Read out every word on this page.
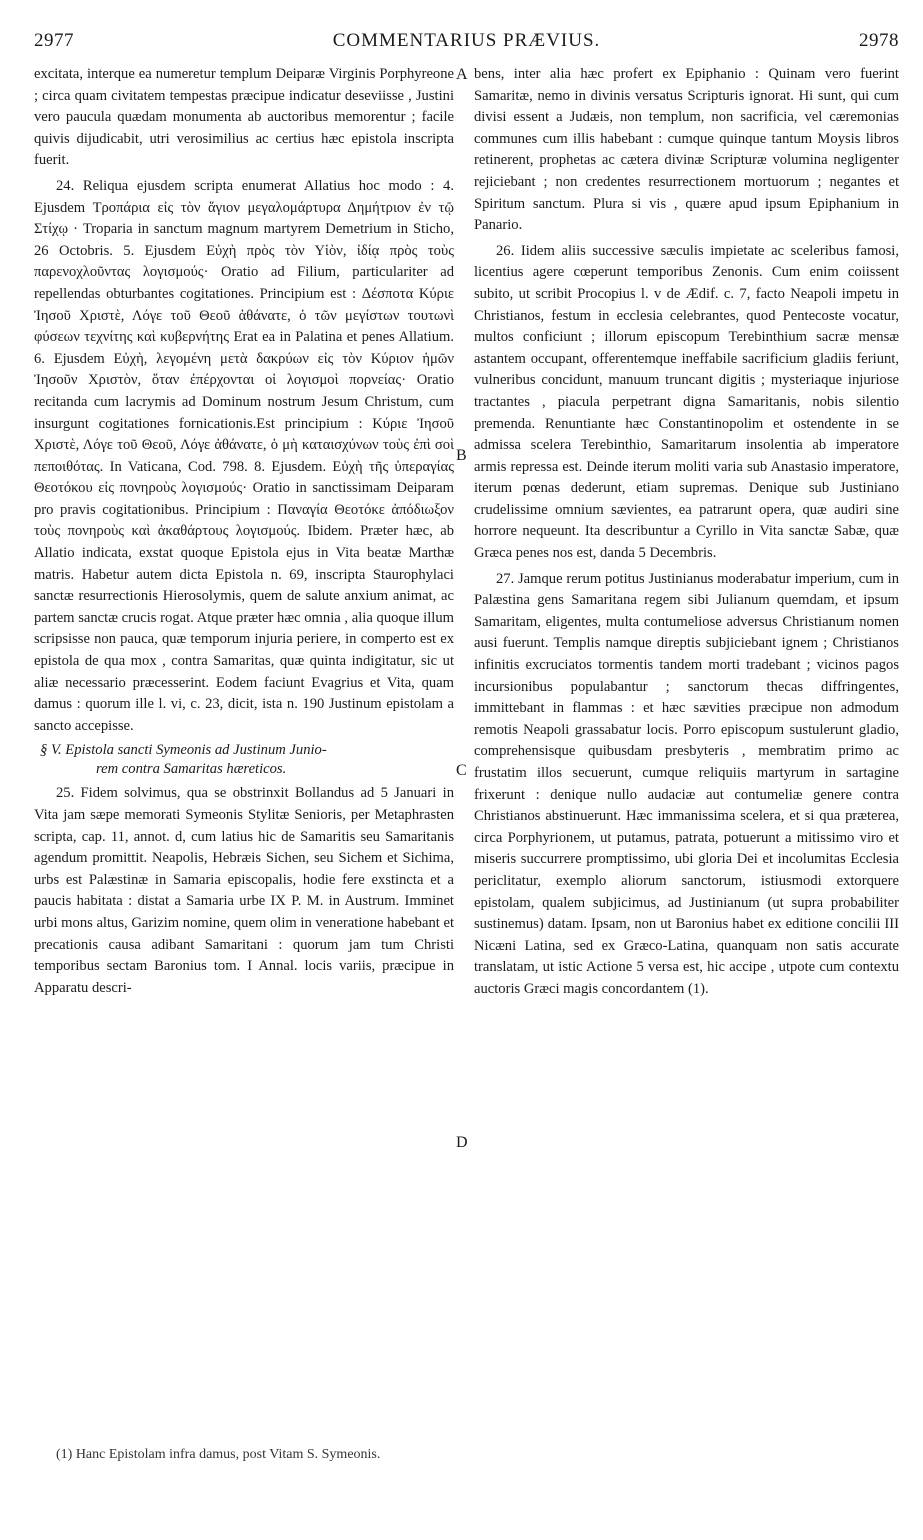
2977	COMMENTARIUS PRÆVIUS.	2978

excitata, interque ea numeretur templum Deiparæ Virginis Porphyreone ; circa quam civitatem tempestas præcipue indicatur deseviisse , Justini vero paucula quædam monumenta ab auctoribus memorentur ; facile quivis dijudicabit, utri verosimilius ac certius hæc epistola inscripta fuerit.

24. Reliqua ejusdem scripta enumerat Allatius hoc modo : 4. Ejusdem Τροπάρια εἰς τὸν ἅγιον μεγαλομάρτυρα Δημήτριον ἐν τῷ Στίχῳ · Troparia in sanctum magnum martyrem Demetrium in Sticho, 26 Octobris. 5. Ejusdem Εὐχὴ πρὸς τὸν Υἱὸν, ἰδίᾳ πρὸς τοὺς παρενοχλοῦντας λογισμούς· Oratio ad Filium, particulariter ad repellendas obturbantes cogitationes. Principium est : Δέσποτα Κύριε Ἰησοῦ Χριστὲ, Λόγε τοῦ Θεοῦ ἀθάνατε, ὁ τῶν μεγίστων τουτωνὶ φύσεων τεχνίτης καὶ κυβερνήτης Erat ea in Palatina et penes Allatium. 6. Ejusdem Εὐχὴ, λεγομένη μετὰ δακρύων εἰς τὸν Κύριον ἡμῶν Ἰησοῦν Χριστὸν, ὅταν ἐπέρχονται οἱ λογισμοὶ πορνείας· Oratio recitanda cum lacrymis ad Dominum nostrum Jesum Christum, cum insurgunt cogitationes fornicationis.Est principium : Κύριε Ἰησοῦ Χριστὲ, Λόγε τοῦ Θεοῦ, Λόγε ἀθάνατε, ὁ μὴ καταισχύνων τοὺς ἐπὶ σοὶ πεποιθότας. In Vaticana, Cod. 798. 8. Ejusdem. Εὐχὴ τῆς ὑπεραγίας Θεοτόκου εἰς πονηροὺς λογισμούς· Oratio in sanctissimam Deiparam pro pravis cogitationibus. Principium : Παναγία Θεοτόκε ἀπόδιωξον τοὺς πονηροὺς καὶ ἀκαθάρτους λογισμούς. Ibidem. Præter hæc, ab Allatio indicata, exstat quoque Epistola ejus in Vita beatæ Marthæ matris. Habetur autem dicta Epistola n. 69, inscripta Staurophylaci sanctæ resurrectionis Hierosolymis, quem de salute anxium animat, ac partem sanctæ crucis rogat. Atque præter hæc omnia , alia quoque illum scripsisse non pauca, quæ temporum injuria periere, in comperto est ex epistola de qua mox , contra Samaritas, quæ quinta indigitatur, sic ut aliæ necessario præcesserint. Eodem faciunt Evagrius et Vita, quam damus : quorum ille l. vi, c. 23, dicit, ista n. 190 Justinum epistolam a sancto accepisse.

§ V. Epistola sancti Symeonis ad Justinum Junio-
rem contra Samaritas hæreticos.

25. Fidem solvimus, qua se obstrinxit Bollandus ad 5 Januari in Vita jam sæpe memorati Symeonis Stylitæ Senioris, per Metaphrasten scripta, cap. 11, annot. d, cum latius hic de Samaritis seu Samaritanis agendum promittit. Neapolis, Hebræis Sichen, seu Sichem et Sichima, urbs est Palæstinæ in Samaria episcopalis, hodie fere exstincta et a paucis habitata : distat a Samaria urbe IX P. M. in Austrum. Imminet urbi mons altus, Garizim nomine, quem olim in veneratione habebant et precationis causa adibant Samaritani : quorum jam tum Christi temporibus sectam Baronius tom. I Annal. locis variis, præcipue in Apparatu descri-

bens, inter alia hæc profert ex Epiphanio : Quinam vero fuerint Samaritæ, nemo in divinis versatus Scripturis ignorat. Hi sunt, qui cum divisi essent a Judæis, non templum, non sacrificia, vel cæremonias communes cum illis habebant : cumque quinque tantum Moysis libros retinerent, prophetas ac cætera divinæ Scripturæ volumina negligenter rejiciebant ; non credentes resurrectionem mortuorum ; negantes et Spiritum sanctum. Plura si vis , quære apud ipsum Epiphanium in Panario.

26. Iidem aliis successive sæculis impietate ac sceleribus famosi, licentius agere cœperunt temporibus Zenonis. Cum enim coiissent subito, ut scribit Procopius l. v de Ædif. c. 7, facto Neapoli impetu in Christianos, festum in ecclesia celebrantes, quod Pentecoste vocatur, multos conficiunt ; illorum episcopum Terebinthium sacræ mensæ astantem occupant, offerentemque ineffabile sacrificium gladiis feriunt, vulneribus concidunt, manuum truncant digitis ; mysteriaque injuriose tractantes , piacula perpetrant digna Samaritanis, nobis silentio premenda. Renuntiante hæc Constantinopolim et ostendente in se admissa scelera Terebinthio, Samaritarum insolentia ab imperatore armis repressa est. Deinde iterum moliti varia sub Anastasio imperatore, iterum pœnas dederunt, etiam supremas. Denique sub Justiniano crudelissime omnium sævientes, ea patrarunt opera, quæ audiri sine horrore nequeunt. Ita describuntur a Cyrillo in Vita sanctæ Sabæ, quæ Græca penes nos est, danda 5 Decembris.

27. Jamque rerum potitus Justinianus moderabatur imperium, cum in Palæstina gens Samaritana regem sibi Julianum quemdam, et ipsum Samaritam, eligentes, multa contumeliose adversus Christianum nomen ausi fuerunt. Templis namque direptis subjiciebant ignem ; Christianos infinitis excruciatos tormentis tandem morti tradebant ; vicinos pagos incursionibus populabantur ; sanctorum thecas diffringentes, immittebant in flammas : et hæc sævities præcipue non admodum remotis Neapoli grassabatur locis. Porro episcopum sustulerunt gladio, comprehensisque quibusdam presbyteris , membratim primo ac frustatim illos secuerunt, cumque reliquiis martyrum in sartagine frixerunt : denique nullo audaciæ aut contumeliæ genere contra Christianos abstinuerunt. Hæc immanissima scelera, et si qua præterea, circa Porphyrionem, ut putamus, patrata, potuerunt a mitissimo viro et miseris succurrere promptissimo, ubi gloria Dei et incolumitas Ecclesia periclitatur, exemplo aliorum sanctorum, istiusmodi extorquere epistolam, qualem subjicimus, ad Justinianum (ut supra probabiliter sustinemus) datam. Ipsam, non ut Baronius habet ex editione concilii III Nicæni Latina, sed ex Græco-Latina, quanquam non satis accurate translatam, ut istic Actione 5 versa est, hic accipe , utpote cum contextu auctoris Græci magis concordantem (1).

A
B
C
D
(1) Hanc Epistolam infra damus, post Vitam S. Symeonis.
